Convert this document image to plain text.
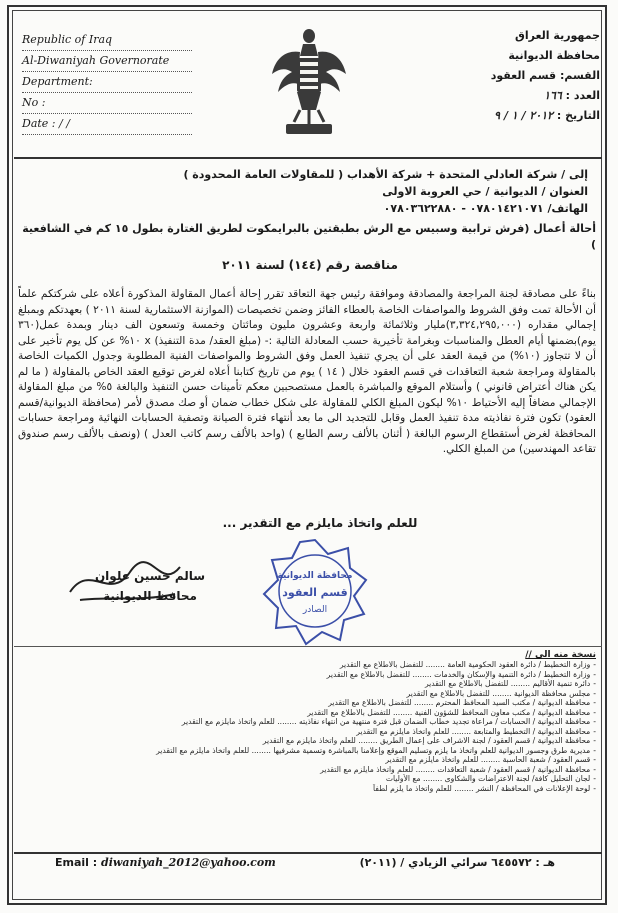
Republic of Iraq
Al-Diwaniyah Governorate
Department:
No :
Date : / /
جمهورية العراق
محافظة الديوانية
القسم: قسم العقود
العدد : ١٦٦
التاريخ : ٢٠١٢ / ١ / ٩
إلى / شركة العادلي المتحدة + شركة الأهداب ( للمقاولات العامة المحدودة )
العنوان / الديوانية / حي العروبة الاولى
الهاتف/ ٠٧٨٠١٤٢١٠٧١ - ٠٧٨٠٣٦٢٢٨٨٠
أحالة أعمال (فرش ترابية وسبيس مع الرش بطبقتين بالبرايمكوت لطريق الغتارة بطول ١٥ كم في الشافعية )
مناقصة رقم (١٤٤) لسنة ٢٠١١

بناءً على مصادقة لجنة المراجعة والمصادقة وموافقة رئيس جهة التعاقد تقرر إحالة أعمال المقاولة المذكورة أعلاه على شركتكم علماً أن الأحالة تمت وفق الشروط والمواصفات الخاصة بالعطاء الفائز وضمن تخصيصات (الموازنة الاستثمارية لسنة ٢٠١١ ) بعهدتكم وبمبلغ إجمالي مقداره (٣,٣٢٤,٢٩٥,٠٠٠)مليار وثلاثمائة واربعة وعشرون مليون ومائتان وخمسة وتسعون الف دينار وبمدة عمل(٣٦٠ يوم)بضمنها أيام العطل والمناسبات وبغرامة تأخيرية حسب المعادلة التالية :- (مبلغ العقد/ مدة التنفيذ) x ١٠% عن كل يوم تأخير على أن لا تتجاوز (١٠%) من قيمة العقد على أن يجري تنفيذ العمل وفق الشروط والمواصفات الفنية المطلوبة وجدول الكميات الخاصة بالمقاولة ومراجعة شعبة التعاقدات في قسم العقود خلال ( ١٤ ) يوم من تاريخ كتابنا أعلاه لغرض توقيع العقد الخاص بالمقاولة ( ما لم يكن هناك أعتراض قانوني ) وأستلام الموقع والمباشرة بالعمل مستصحبين معكم تأمينات حسن التنفيذ والبالغة ٥% من مبلغ المقاولة الإجمالي مضافاً إليه الأحتياط ١٠% ليكون المبلغ الكلي للمقاولة على شكل خطاب ضمان أو صك مصدق لأمر (محافظة الديوانية/قسم العقود) تكون فترة نفاذيته مدة تنفيذ العمل وقابل للتجديد الى ما بعد أنتهاء فترة الصيانة وتصفية الحسابات النهائية ومراجعة حسابات المحافظة لغرض أستقطاع الرسوم البالغة ( أثنان بالألف رسم الطابع ) (واحد بالألف رسم كاتب العدل ) (ونصف بالألف رسم صندوق تقاعد المهندسين) من المبلغ الكلي.

للعلم واتخاذ مايلزم مع التقدير ...
سالم حسين علوان
محافظ الديوانية
محافظة الديوانية
قسم العقود
الصادر
نسخة منه الى //
-وزارة التخطيط / دائرة العقود الحكومية العامة ........ للتفضل بالاطلاع مع التقدير
-وزارة التخطيط / دائرة التنمية والإسكان والخدمات ........ للتفضل بالاطلاع مع التقدير
-دائرة تنمية الأقاليم ........ للتفضل بالاطلاع مع التقدير
-مجلس محافظة الديوانية ........ للتفضل بالاطلاع مع التقدير
-محافظة الديوانية / مكتب السيد المحافظ المحترم ........ للتفضل بالاطلاع مع التقدير
-محافظة الديوانية / مكتب معاون المحافظ للشؤون الفنية ........ للتفضل بالاطلاع مع التقدير
-محافظة الديوانية / الحسابات / مراعاة تجديد خطاب الضمان قبل فترة منتهية من انتهاء نفاذيته ........ للعلم واتخاذ مايلزم مع التقدير
-محافظة الديوانية / التخطيط والمتابعة ........ للعلم واتخاذ مايلزم مع التقدير
-محافظة الديوانية / قسم العقود / لجنة الاشراف على إعمال الطريق ........ للعلم واتخاذ مايلزم مع التقدير
-مديرية طرق وجسور الديوانية للعلم واتخاذ ما يلزم وتسليم الموقع وإعلامنا بالمباشرة وتسمية مشرفيها ........ للعلم واتخاذ مايلزم مع التقدير
-قسم العقود / شعبة الحاسبة ........ للعلم واتخاذ مايلزم مع التقدير
-محافظة الديوانية / قسم العقود / شعبة التعاقدات ........ للعلم واتخاذ مايلزم مع التقدير
-لجان التحليل كافة/ لجنة الاعتراضات والشكاوى ........ مع الأوليات
-لوحة الإعلانات في المحافظة / النشر ........ للعلم واتخاذ ما يلزم لطفاً
Email : diwaniyah_2012@yahoo.com	هـ : ٦٤٥٥٧٢ سرائي الزيادي / (٢٠١١)
